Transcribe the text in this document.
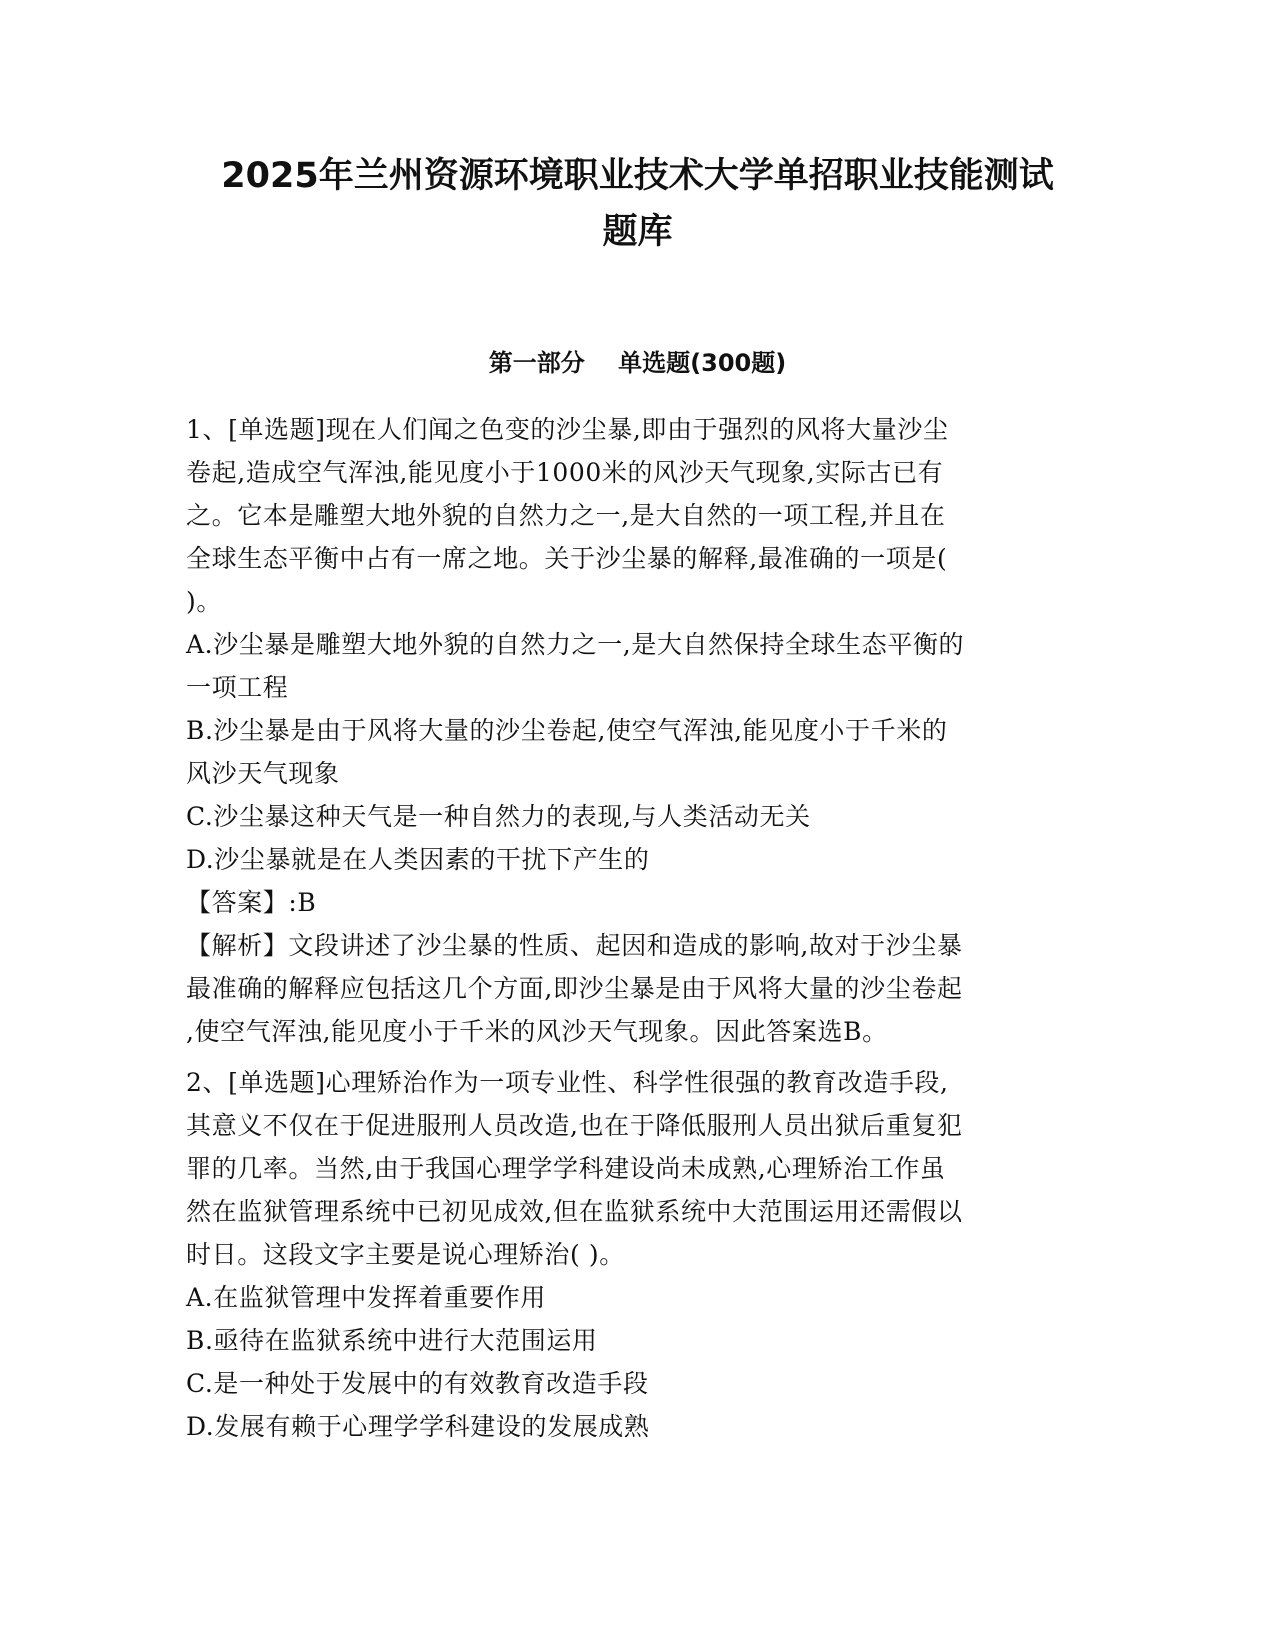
2025年兰州资源环境职业技术大学单招职业技能测试
题库
第一部分    单选题(300题)
1、[单选题]现在人们闻之色变的沙尘暴,即由于强烈的风将大量沙尘
卷起,造成空气浑浊,能见度小于1000米的风沙天气现象,实际古已有
之。它本是雕塑大地外貌的自然力之一,是大自然的一项工程,并且在
全球生态平衡中占有一席之地。关于沙尘暴的解释,最准确的一项是(
)。
A.沙尘暴是雕塑大地外貌的自然力之一,是大自然保持全球生态平衡的
一项工程
B.沙尘暴是由于风将大量的沙尘卷起,使空气浑浊,能见度小于千米的
风沙天气现象
C.沙尘暴这种天气是一种自然力的表现,与人类活动无关
D.沙尘暴就是在人类因素的干扰下产生的
【答案】:B
【解析】文段讲述了沙尘暴的性质、起因和造成的影响,故对于沙尘暴
最准确的解释应包括这几个方面,即沙尘暴是由于风将大量的沙尘卷起
,使空气浑浊,能见度小于千米的风沙天气现象。因此答案选B。
2、[单选题]心理矫治作为一项专业性、科学性很强的教育改造手段,
其意义不仅在于促进服刑人员改造,也在于降低服刑人员出狱后重复犯
罪的几率。当然,由于我国心理学学科建设尚未成熟,心理矫治工作虽
然在监狱管理系统中已初见成效,但在监狱系统中大范围运用还需假以
时日。这段文字主要是说心理矫治( )。
A.在监狱管理中发挥着重要作用
B.亟待在监狱系统中进行大范围运用
C.是一种处于发展中的有效教育改造手段
D.发展有赖于心理学学科建设的发展成熟
